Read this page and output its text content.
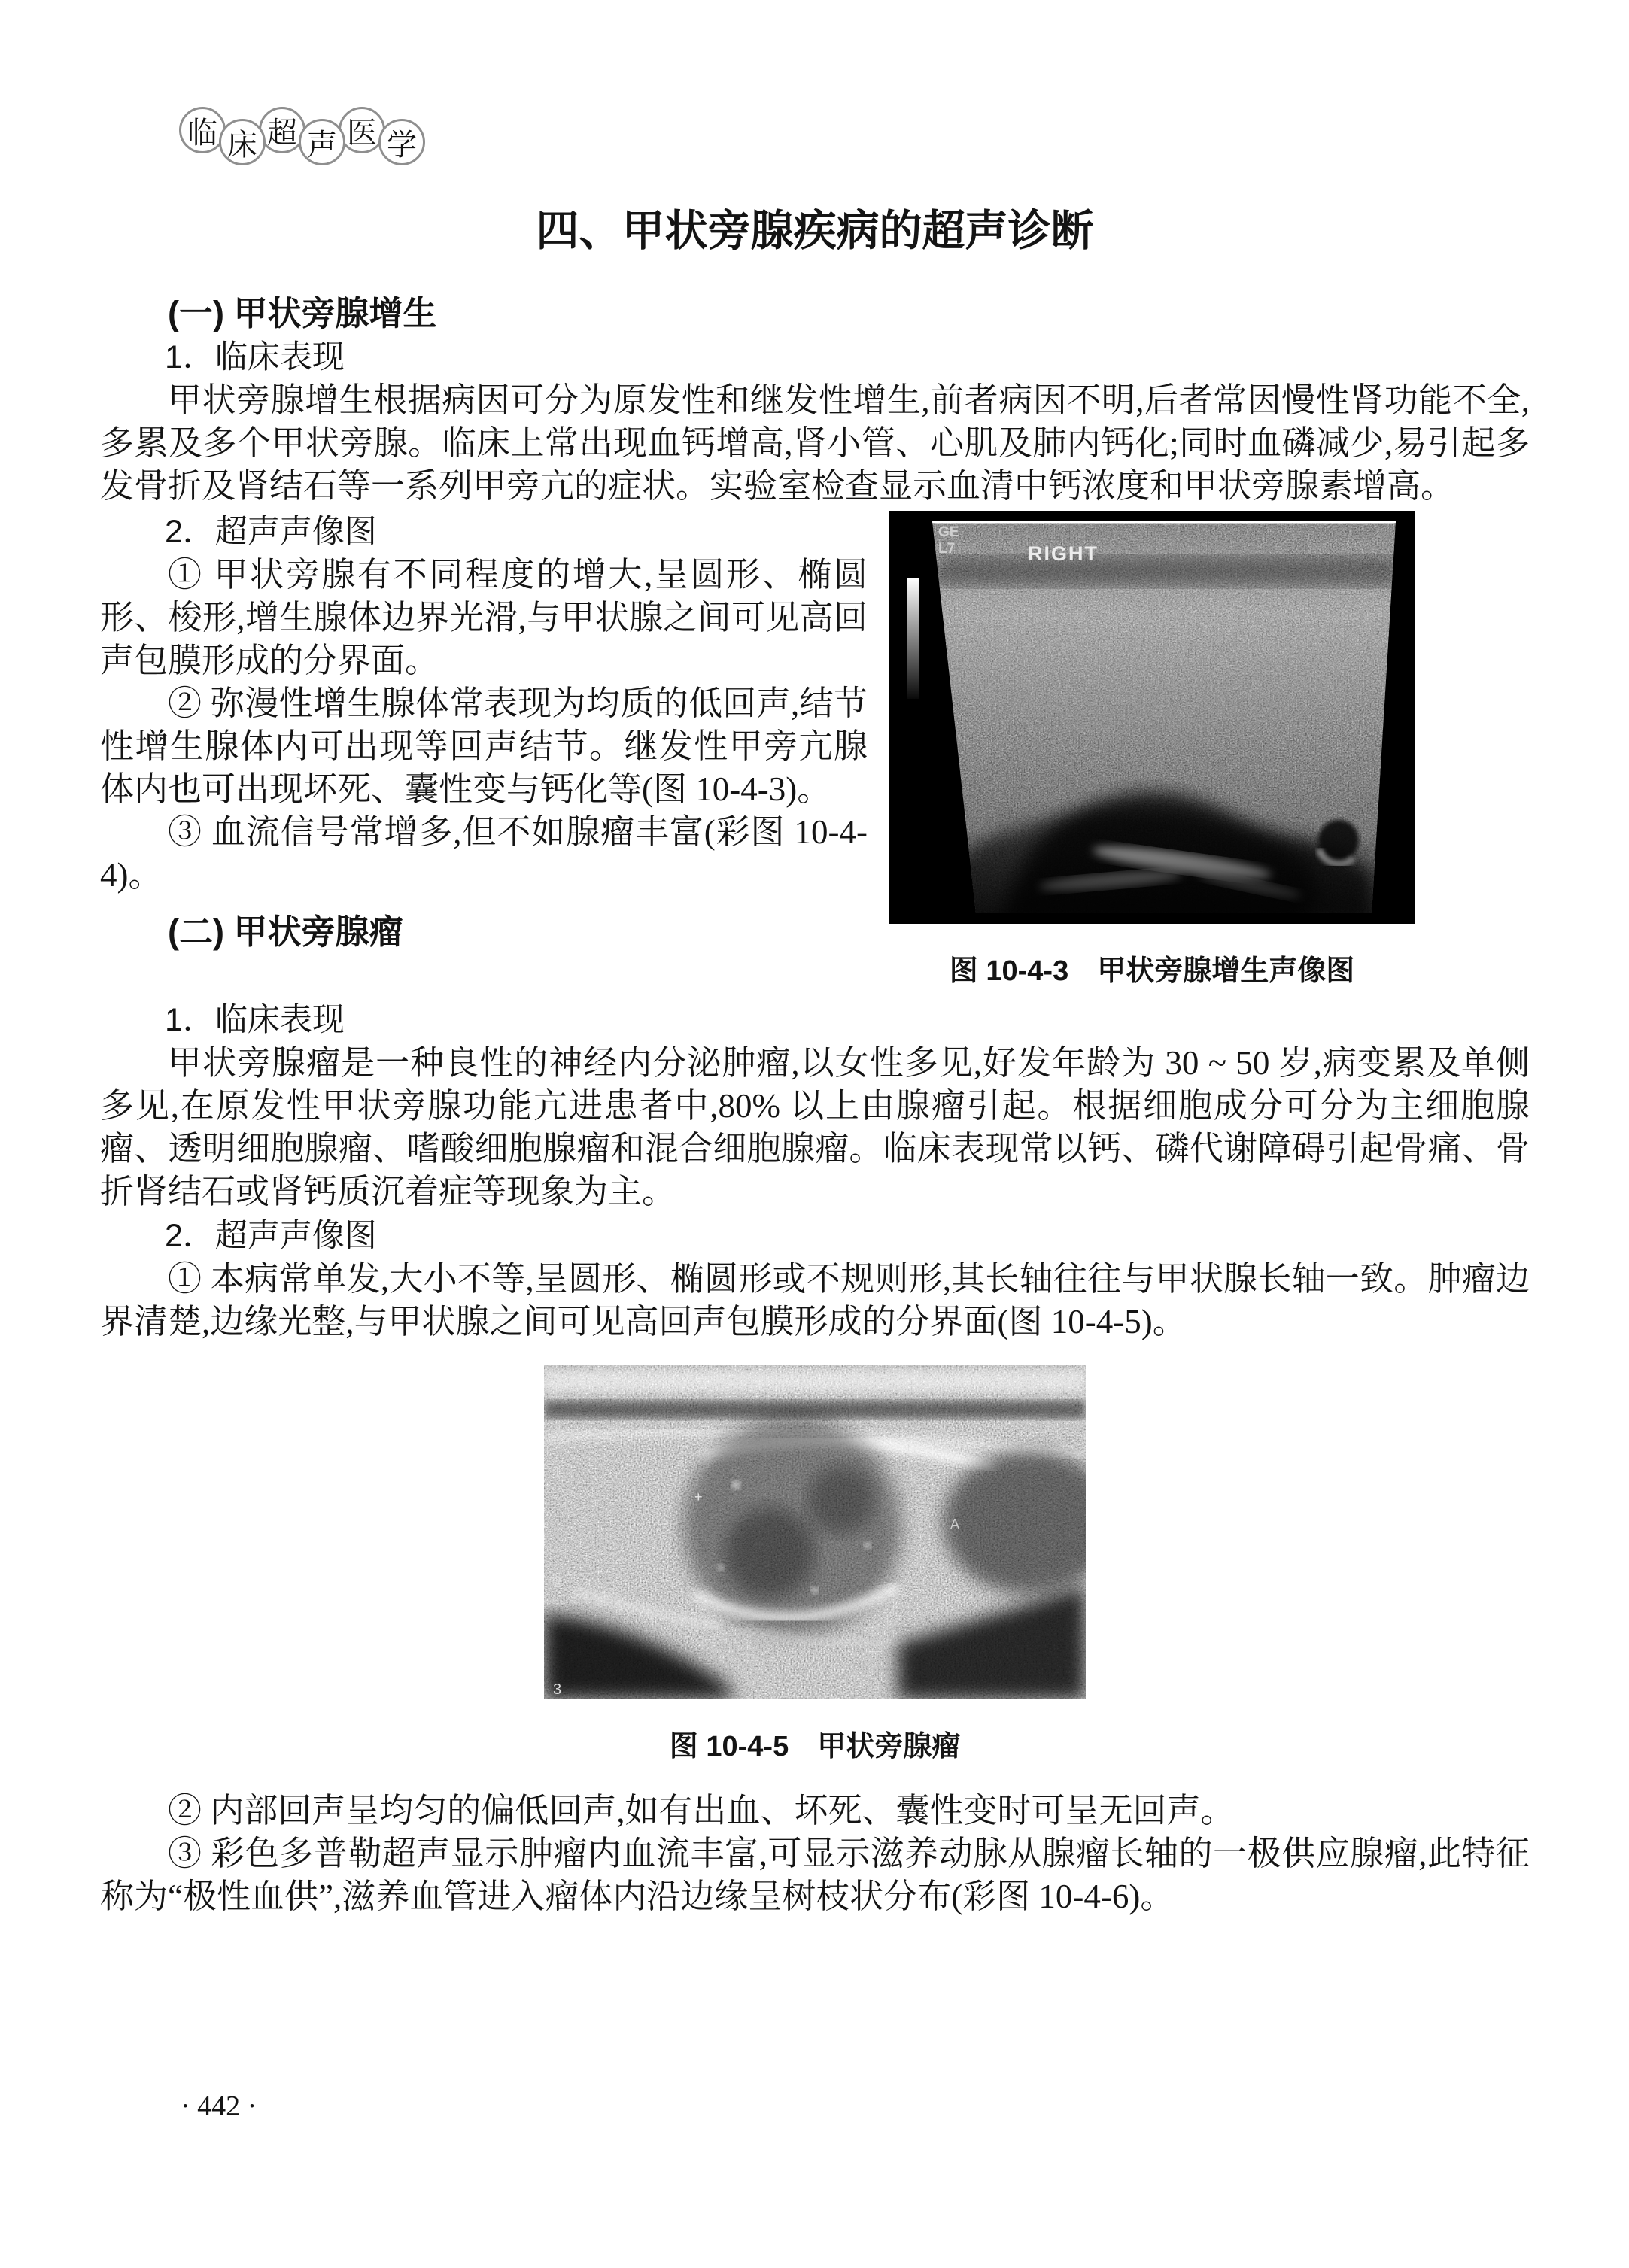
临 床 超 声 医 学
四、甲状旁腺疾病的超声诊断

(一) 甲状旁腺增生

1．临床表现

甲状旁腺增生根据病因可分为原发性和继发性增生,前者病因不明,后者常因慢性肾功能不全,多累及多个甲状旁腺。临床上常出现血钙增高,肾小管、心肌及肺内钙化;同时血磷减少,易引起多发骨折及肾结石等一系列甲旁亢的症状。实验室检查显示血清中钙浓度和甲状旁腺素增高。

2．超声声像图

① 甲状旁腺有不同程度的增大,呈圆形、椭圆形、梭形,增生腺体边界光滑,与甲状腺之间可见高回声包膜形成的分界面。

② 弥漫性增生腺体常表现为均质的低回声,结节性增生腺体内可出现等回声结节。继发性甲旁亢腺体内也可出现坏死、囊性变与钙化等(图 10-4-3)。

③ 血流信号常增多,但不如腺瘤丰富(彩图 10-4-4)。

(二) 甲状旁腺瘤

GE
L7	RIGHT
图 10-4-3　甲状旁腺增生声像图

1．临床表现

甲状旁腺瘤是一种良性的神经内分泌肿瘤,以女性多见,好发年龄为 30 ~ 50 岁,病变累及单侧多见,在原发性甲状旁腺功能亢进患者中,80% 以上由腺瘤引起。根据细胞成分可分为主细胞腺瘤、透明细胞腺瘤、嗜酸细胞腺瘤和混合细胞腺瘤。临床表现常以钙、磷代谢障碍引起骨痛、骨折肾结石或肾钙质沉着症等现象为主。

2．超声声像图

① 本病常单发,大小不等,呈圆形、椭圆形或不规则形,其长轴往往与甲状腺长轴一致。肿瘤边界清楚,边缘光整,与甲状腺之间可见高回声包膜形成的分界面(图 10-4-5)。

1
2
3
A
+
图 10-4-5　甲状旁腺瘤

② 内部回声呈均匀的偏低回声,如有出血、坏死、囊性变时可呈无回声。

③ 彩色多普勒超声显示肿瘤内血流丰富,可显示滋养动脉从腺瘤长轴的一极供应腺瘤,此特征称为“极性血供”,滋养血管进入瘤体内沿边缘呈树枝状分布(彩图 10-4-6)。

· 442 ·
